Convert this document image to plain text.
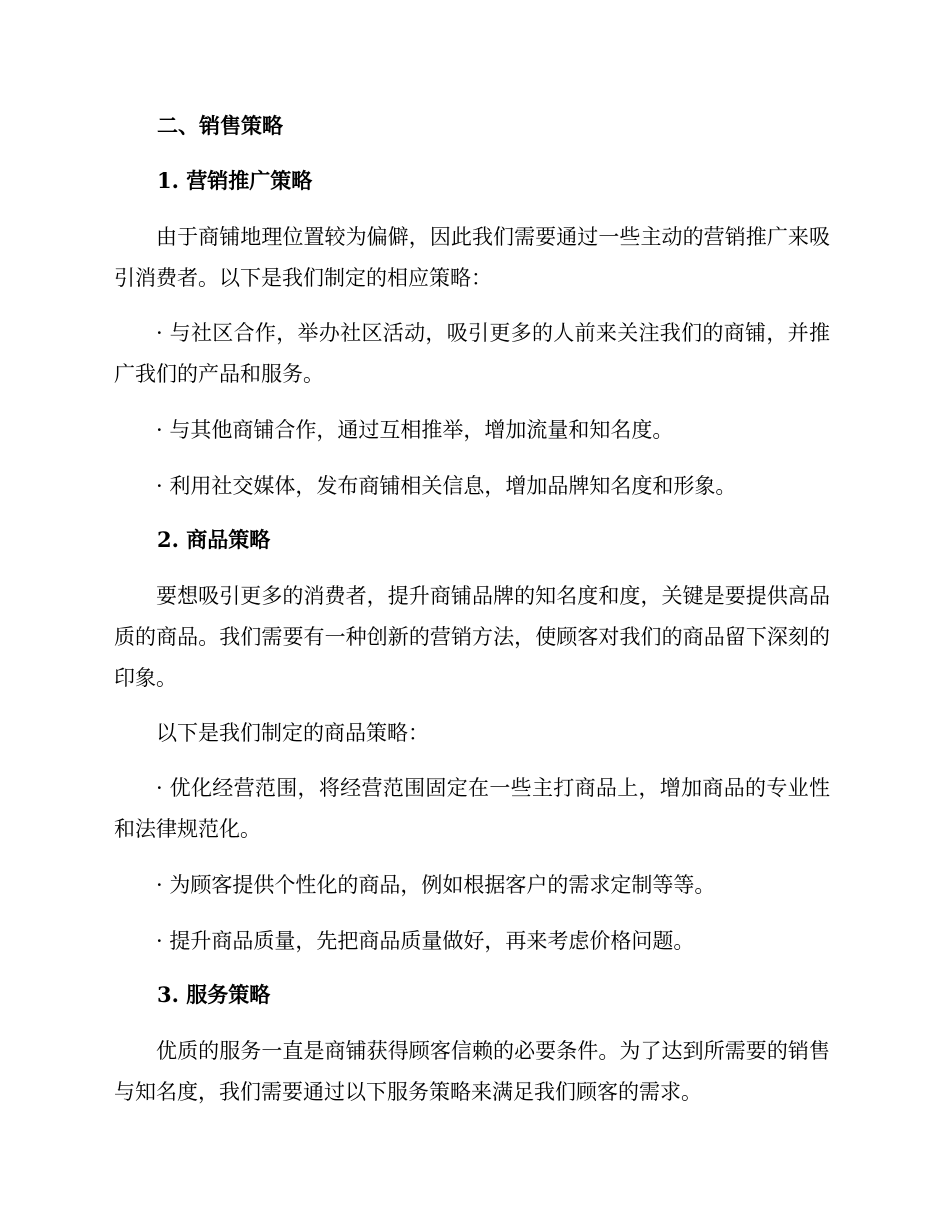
二、销售策略
1. 营销推广策略

由于商铺地理位置较为偏僻，因此我们需要通过一些主动的营销推广来吸引消费者。以下是我们制定的相应策略：

· 与社区合作，举办社区活动，吸引更多的人前来关注我们的商铺，并推广我们的产品和服务。

· 与其他商铺合作，通过互相推举，增加流量和知名度。

· 利用社交媒体，发布商铺相关信息，增加品牌知名度和形象。

2. 商品策略

要想吸引更多的消费者，提升商铺品牌的知名度和度，关键是要提供高品质的商品。我们需要有一种创新的营销方法，使顾客对我们的商品留下深刻的印象。

以下是我们制定的商品策略：

· 优化经营范围，将经营范围固定在一些主打商品上，增加商品的专业性和法律规范化。

· 为顾客提供个性化的商品，例如根据客户的需求定制等等。

· 提升商品质量，先把商品质量做好，再来考虑价格问题。

3. 服务策略

优质的服务一直是商铺获得顾客信赖的必要条件。为了达到所需要的销售与知名度，我们需要通过以下服务策略来满足我们顾客的需求。
